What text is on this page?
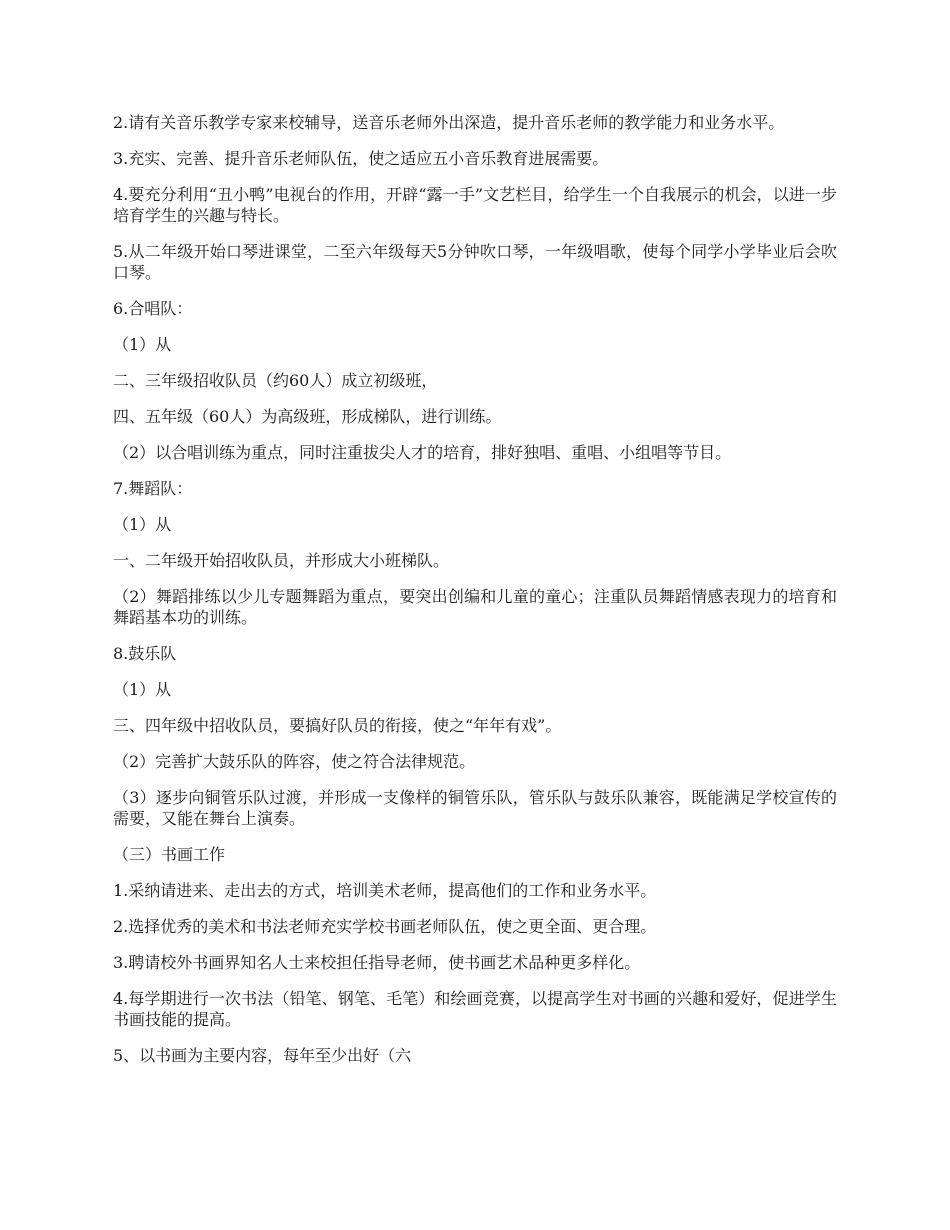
2.请有关音乐教学专家来校辅导，送音乐老师外出深造，提升音乐老师的教学能力和业务水平。

3.充实、完善、提升音乐老师队伍，使之适应五小音乐教育进展需要。

4.要充分利用“丑小鸭”电视台的作用，开辟“露一手”文艺栏目，给学生一个自我展示的机会，以进一步培育学生的兴趣与特长。

5.从二年级开始口琴进课堂，二至六年级每天5分钟吹口琴，一年级唱歌，使每个同学小学毕业后会吹口琴。

6.合唱队：

（1）从

二、三年级招收队员（约60人）成立初级班，

四、五年级（60人）为高级班，形成梯队，进行训练。

（2）以合唱训练为重点，同时注重拔尖人才的培育，排好独唱、重唱、小组唱等节目。

7.舞蹈队：

（1）从

一、二年级开始招收队员，并形成大小班梯队。

（2）舞蹈排练以少儿专题舞蹈为重点，要突出创编和儿童的童心；注重队员舞蹈情感表现力的培育和舞蹈基本功的训练。

8.鼓乐队

（1）从

三、四年级中招收队员，要搞好队员的衔接，使之“年年有戏”。

（2）完善扩大鼓乐队的阵容，使之符合法律规范。

（3）逐步向铜管乐队过渡，并形成一支像样的铜管乐队，管乐队与鼓乐队兼容，既能满足学校宣传的需要，又能在舞台上演奏。

（三）书画工作

1.采纳请进来、走出去的方式，培训美术老师，提高他们的工作和业务水平。

2.选择优秀的美术和书法老师充实学校书画老师队伍，使之更全面、更合理。

3.聘请校外书画界知名人士来校担任指导老师，使书画艺术品种更多样化。

4.每学期进行一次书法（铅笔、钢笔、毛笔）和绘画竞赛，以提高学生对书画的兴趣和爱好，促进学生书画技能的提高。

5、以书画为主要内容，每年至少出好（六
